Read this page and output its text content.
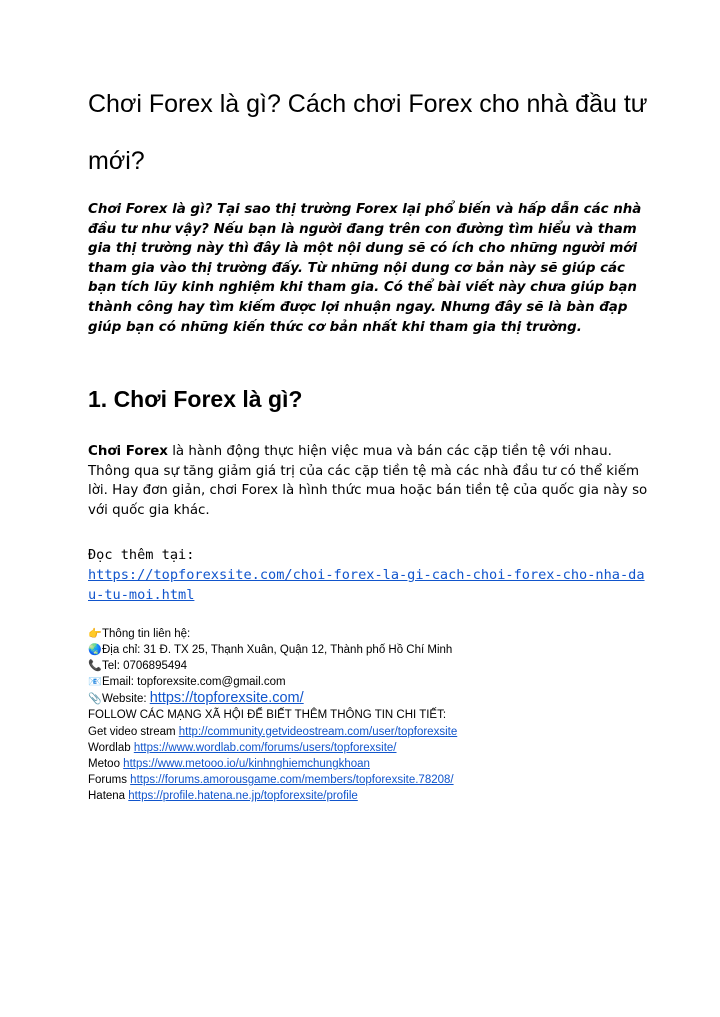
Chơi Forex là gì? Cách chơi Forex cho nhà đầu tư mới?

Chơi Forex là gì? Tại sao thị trường Forex lại phổ biến và hấp dẫn các nhà đầu tư như vậy? Nếu bạn là người đang trên con đường tìm hiểu và tham gia thị trường này thì đây là một nội dung sẽ có ích cho những người mới tham gia vào thị trường đấy. Từ những nội dung cơ bản này sẽ giúp các bạn tích lũy kinh nghiệm khi tham gia. Có thể bài viết này chưa giúp bạn thành công hay tìm kiếm được lợi nhuận ngay. Nhưng đây sẽ là bàn đạp giúp bạn có những kiến thức cơ bản nhất khi tham gia thị trường.

1. Chơi Forex là gì?

Chơi Forex là hành động thực hiện việc mua và bán các cặp tiền tệ với nhau. Thông qua sự tăng giảm giá trị của các cặp tiền tệ mà các nhà đầu tư có thể kiếm lời. Hay đơn giản, chơi Forex là hình thức mua hoặc bán tiền tệ của quốc gia này so với quốc gia khác.

Đọc thêm tại:
https://topforexsite.com/choi-forex-la-gi-cach-choi-forex-cho-nha-dau-tu-moi.html

👉Thông tin liên hệ:
🌏Địa chỉ: 31 Đ. TX 25, Thạnh Xuân, Quận 12, Thành phố Hồ Chí Minh
📞Tel: 0706895494
📧Email: topforexsite.com@gmail.com
📎Website: https://topforexsite.com/
FOLLOW CÁC MẠNG XÃ HỘI ĐỂ BIẾT THÊM THÔNG TIN CHI TIẾT:
Get video stream http://community.getvideostream.com/user/topforexsite
Wordlab https://www.wordlab.com/forums/users/topforexsite/
Metoo https://www.metooo.io/u/kinhnghiemchungkhoan
Forums https://forums.amorousgame.com/members/topforexsite.78208/
Hatena https://profile.hatena.ne.jp/topforexsite/profile
